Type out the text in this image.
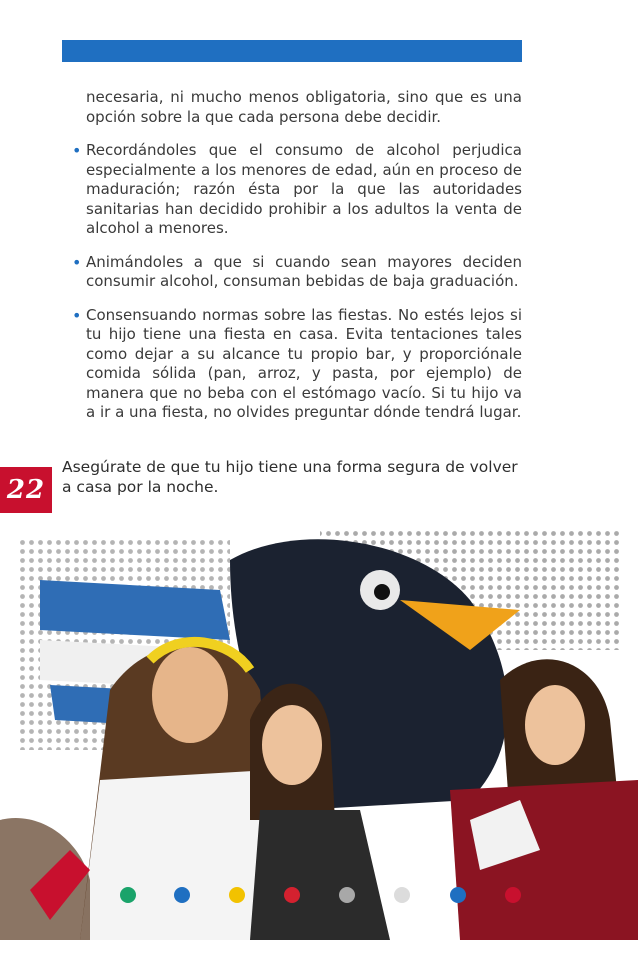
necesaria, ni mucho menos obligatoria, sino que es una opción sobre la que cada persona debe decidir.

• Recordándoles que el consumo de alcohol perjudica especialmente a los menores de edad, aún en proceso de maduración; razón ésta por la que las autoridades sanitarias han decidido prohibir a los adultos la venta de alcohol a menores.

• Animándoles a que si cuando sean mayores deciden consumir alcohol, consuman bebidas de baja graduación.

• Consensuando normas sobre las fiestas. No estés lejos si tu hijo tiene una fiesta en casa. Evita tentaciones tales como dejar a su alcance tu propio bar, y proporciónale comida sólida (pan, arroz, y pasta, por ejemplo) de manera que no beba con el estómago vacío. Si tu hijo va a ir a una fiesta, no olvides preguntar dónde tendrá lugar.

Asegúrate de que tu hijo tiene una forma segura de volver a casa por la noche.
22
